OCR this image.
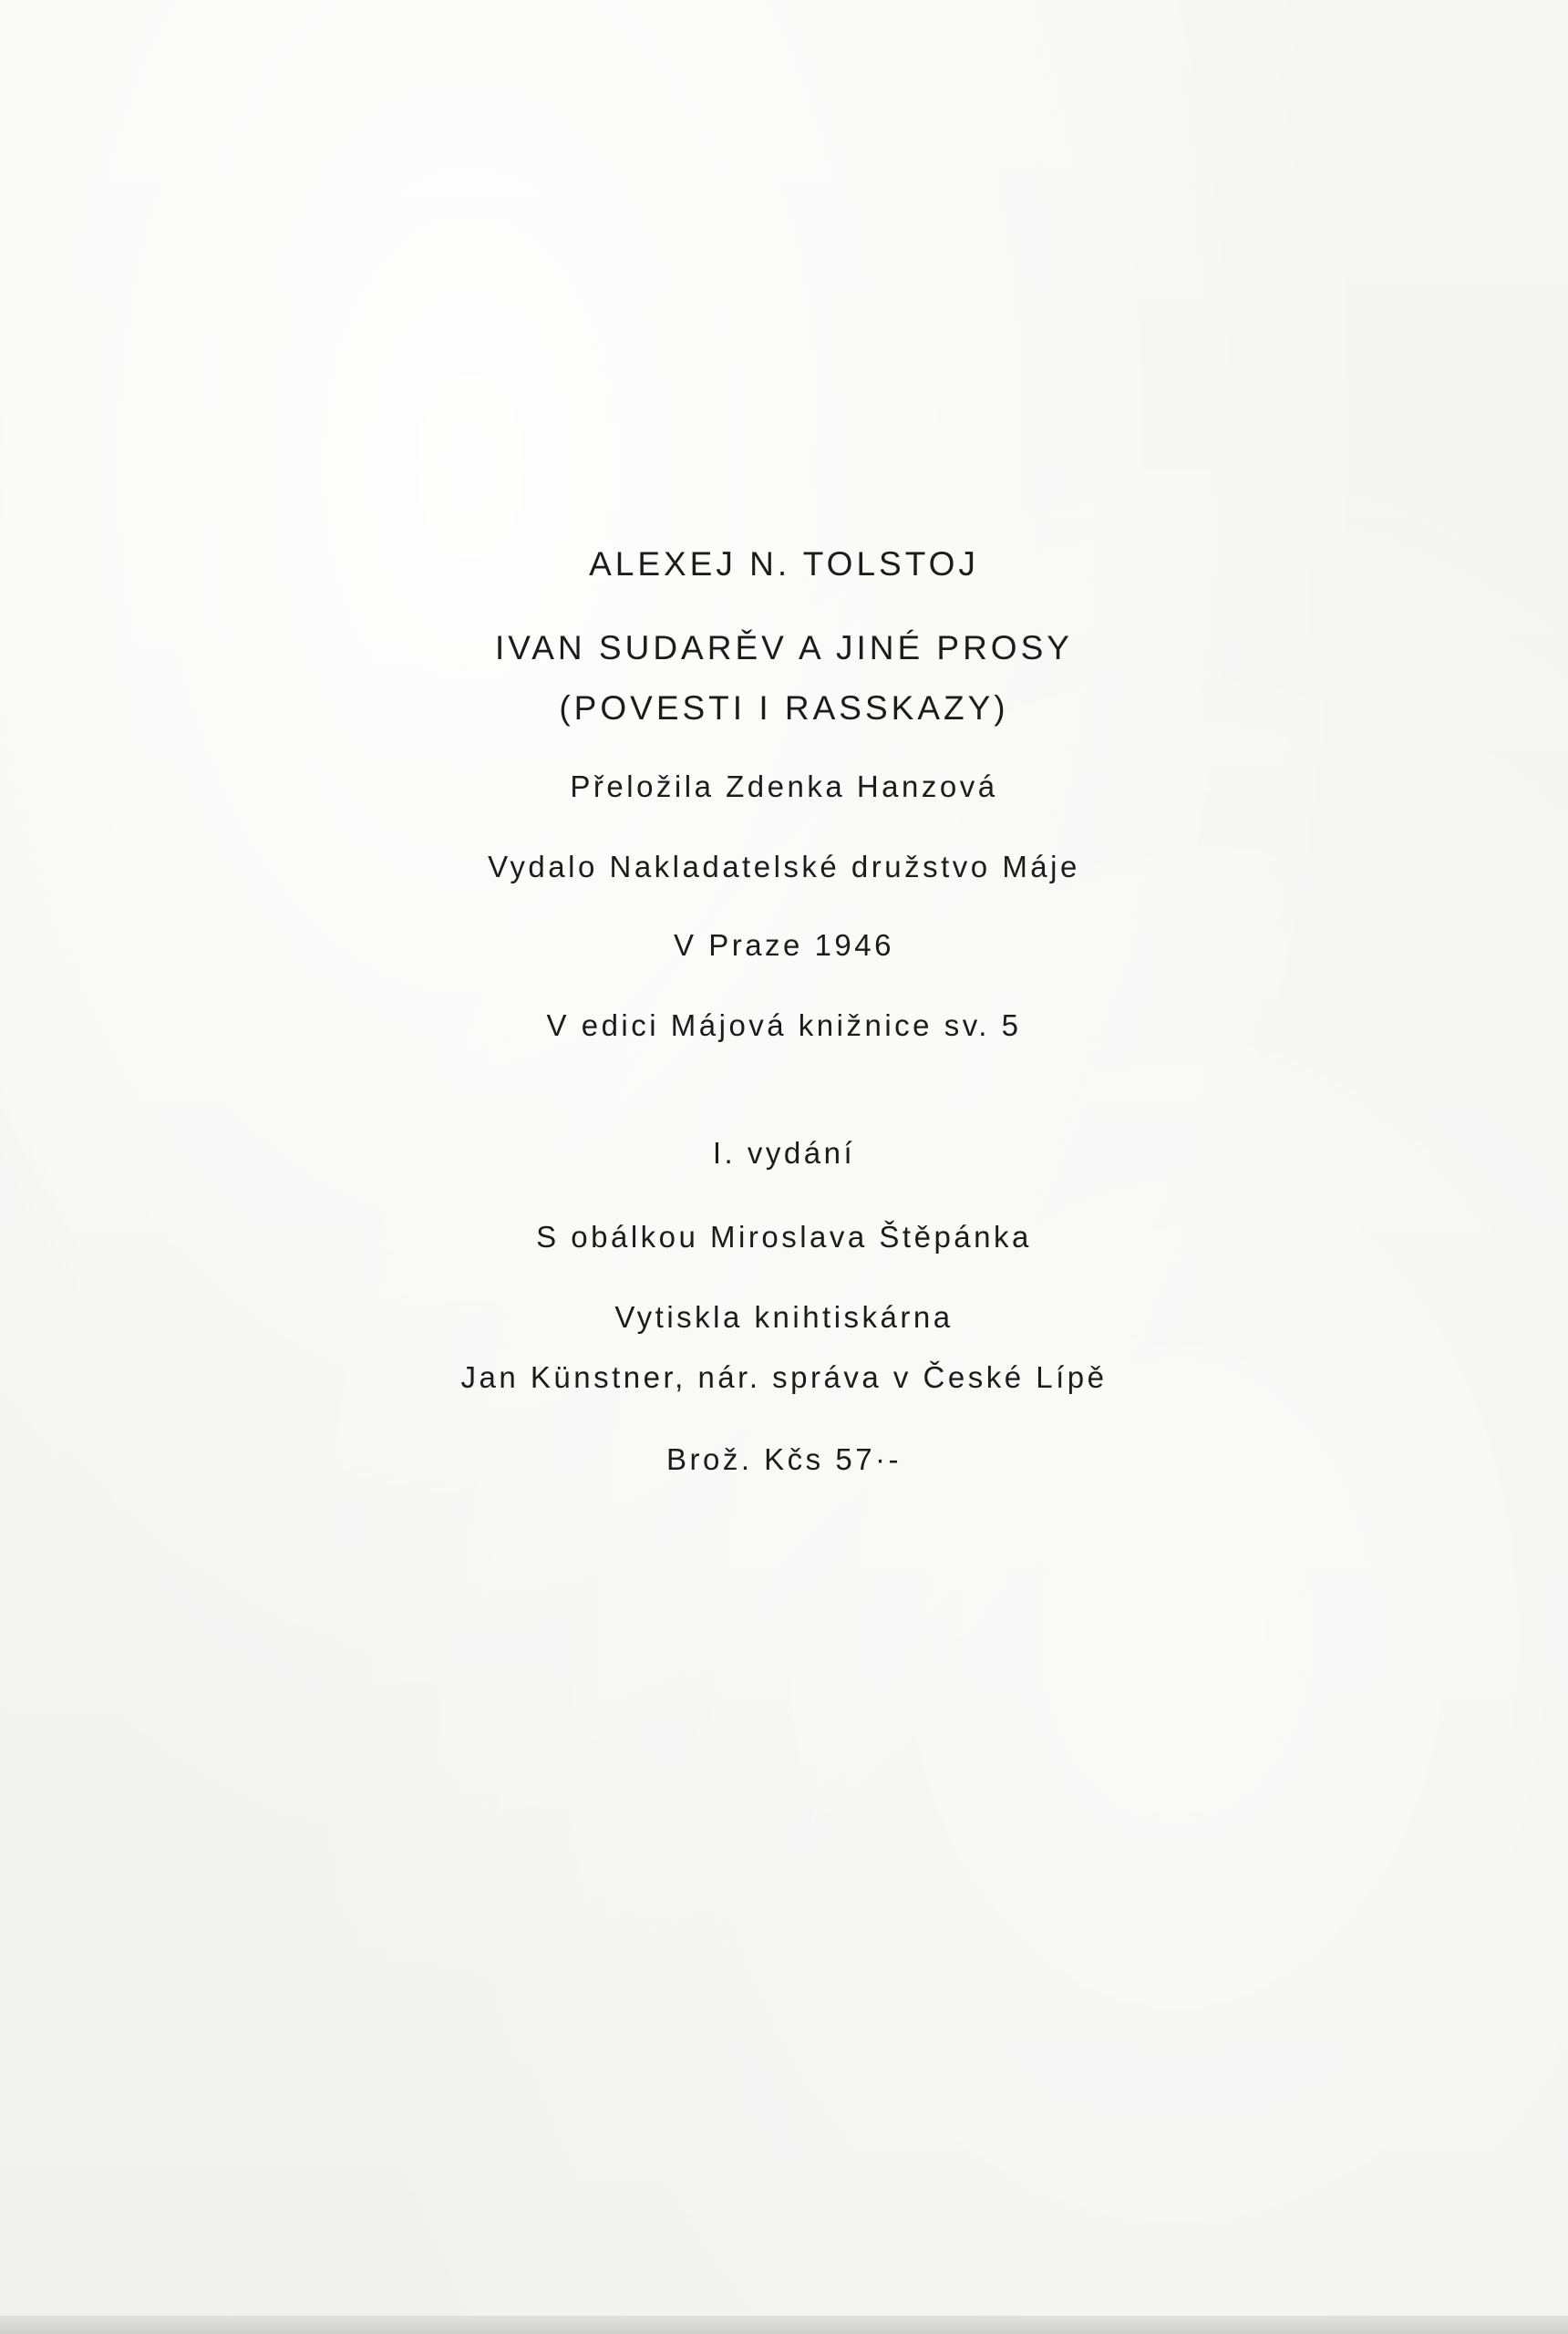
ALEXEJ N. TOLSTOJ
IVAN SUDARĚV A JINÉ PROSY
(POVESTI I RASSKAZY)
Přeložila Zdenka Hanzová
Vydalo Nakladatelské družstvo Máje
V Praze 1946
V edici Májová knižnice sv. 5
I. vydání
S obálkou Miroslava Štěpánka
Vytiskla knihtiskárna
Jan Künstner, nár. správa v České Lípě
Brož. Kčs 57·-
